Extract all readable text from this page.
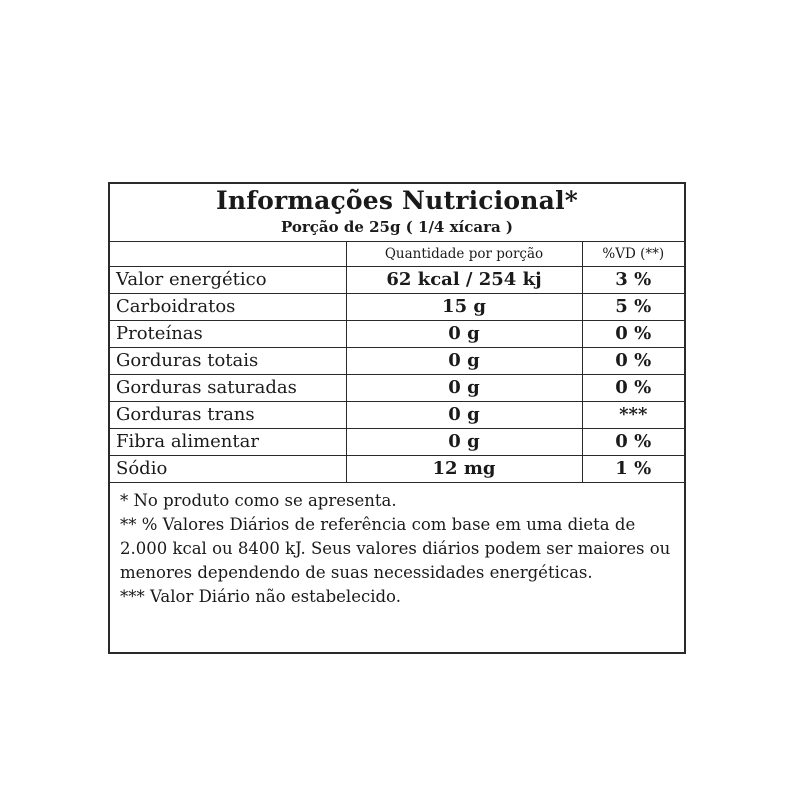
Informações Nutricional*
Porção de 25g ( 1/4 xícara )
	Quantidade por porção	%VD (**)
Valor energético	62 kcal / 254 kj	3 %
Carboidratos	15 g	5 %
Proteínas	0 g	0 %
Gorduras totais	0 g	0 %
Gorduras saturadas	0 g	0 %
Gorduras trans	0 g	***
Fibra alimentar	0 g	0 %
Sódio	12 mg	1 %

* No produto como se apresenta.

** % Valores Diários de referência com base em uma dieta de 2.000 kcal ou 8400 kJ. Seus valores diários podem ser maiores ou menores dependendo de suas necessidades energéticas.

*** Valor Diário não estabelecido.
